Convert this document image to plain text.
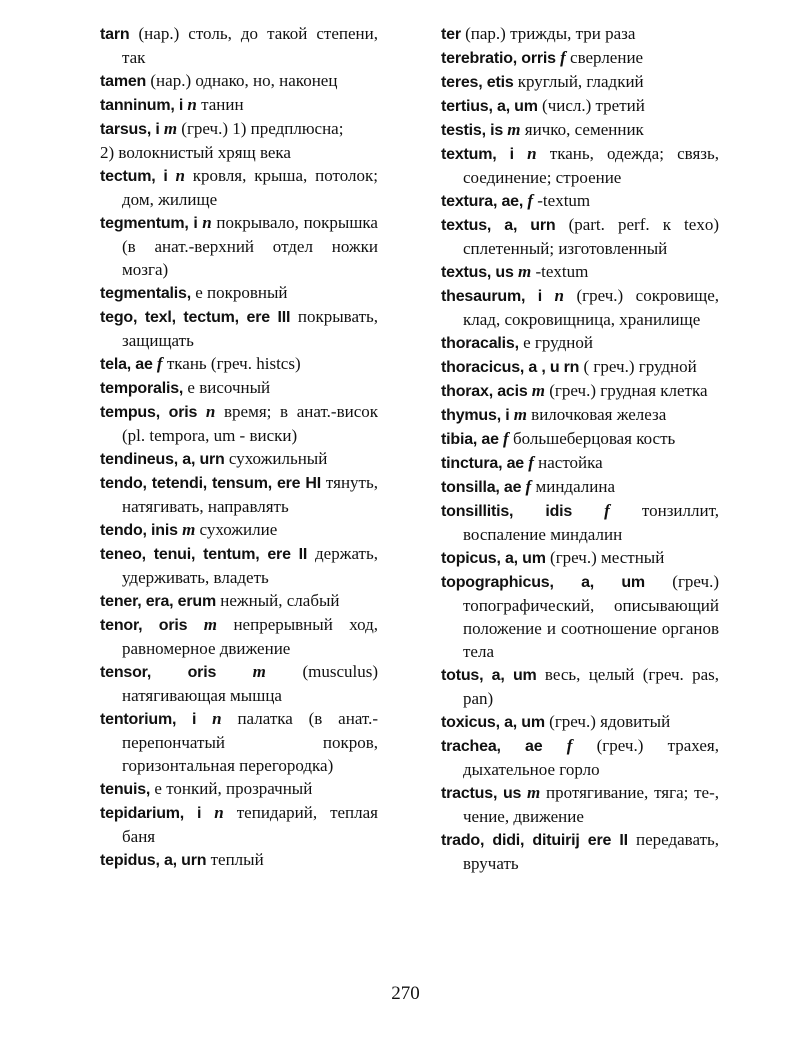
tarn (нар.) столь, до такой степени, так
tamen (нар.) однако, но, наконец
tanninum, i n танин
tarsus, i m (греч.) 1) предплюсна;
2) волокнистый хрящ века
tectum, i n кровля, крыша, потолок; дом, жилище
tegmentum, i n покрывало, покрышка (в анат.-верхний отдел ножки мозга)
tegmentalis, е покровный
tego, texl, tectum, ere III покрывать, защищать
tela, ae f ткань (греч. histcs)
temporalis, е височный
tempus, oris n время; в анат.-висок (pl. tempora, um - виски)
tendineus, a, urn сухожильный
tendo, tetendi, tensum, ere HI тянуть, натягивать, направлять
tendo, inis m сухожилие
teneo, tenui, tentum, ere II держать, удерживать, владеть
tener, era, erum нежный, слабый
tenor, oris m непрерывный ход, равномерное движение
tensor, oris m (musculus) натягивающая мышца
tentorium, i n палатка (в анат.-перепончатый покров, горизонтальная перегородка)
tenuis, е тонкий, прозрачный
tepidarium, i n тепидарий, теплая баня
tepidus, a, urn теплый
ter (пар.) трижды, три раза
terebratio, orris f сверление
teres, etis круглый, гладкий
tertius, a, um (числ.) третий
testis, is m яичко, семенник
textum, i n ткань, одежда; связь, соединение; строение
textura, ae, f -textum
textus, a, urn (part. perf. к texo) сплетенный; изготовленный
textus, us m -textum
thesaurum, i n (греч.) сокровище, клад, сокровищница, хранилище
thoracalis, е грудной
thoracicus, a , u rn ( греч.) грудной
thorax, acis m (греч.) грудная клетка
thymus, i m вилочковая железа
tibia, ae f большеберцовая кость
tinctura, ae f настойка
tonsilla, ae f миндалина
tonsillitis, idis f тонзиллит, воспаление миндалин
topicus, a, um (греч.) местный
topographicus, a, um (греч.) топографический, описывающий положение и соотношение органов тела
totus, a, um весь, целый (греч. pas, pan)
toxicus, a, um (греч.) ядовитый
trachea, ae f (греч.) трахея, дыхательное горло
tractus, us m протягивание, тяга; те-, чение, движение
trado, didi, dituirij ere II передавать, вручать
270
